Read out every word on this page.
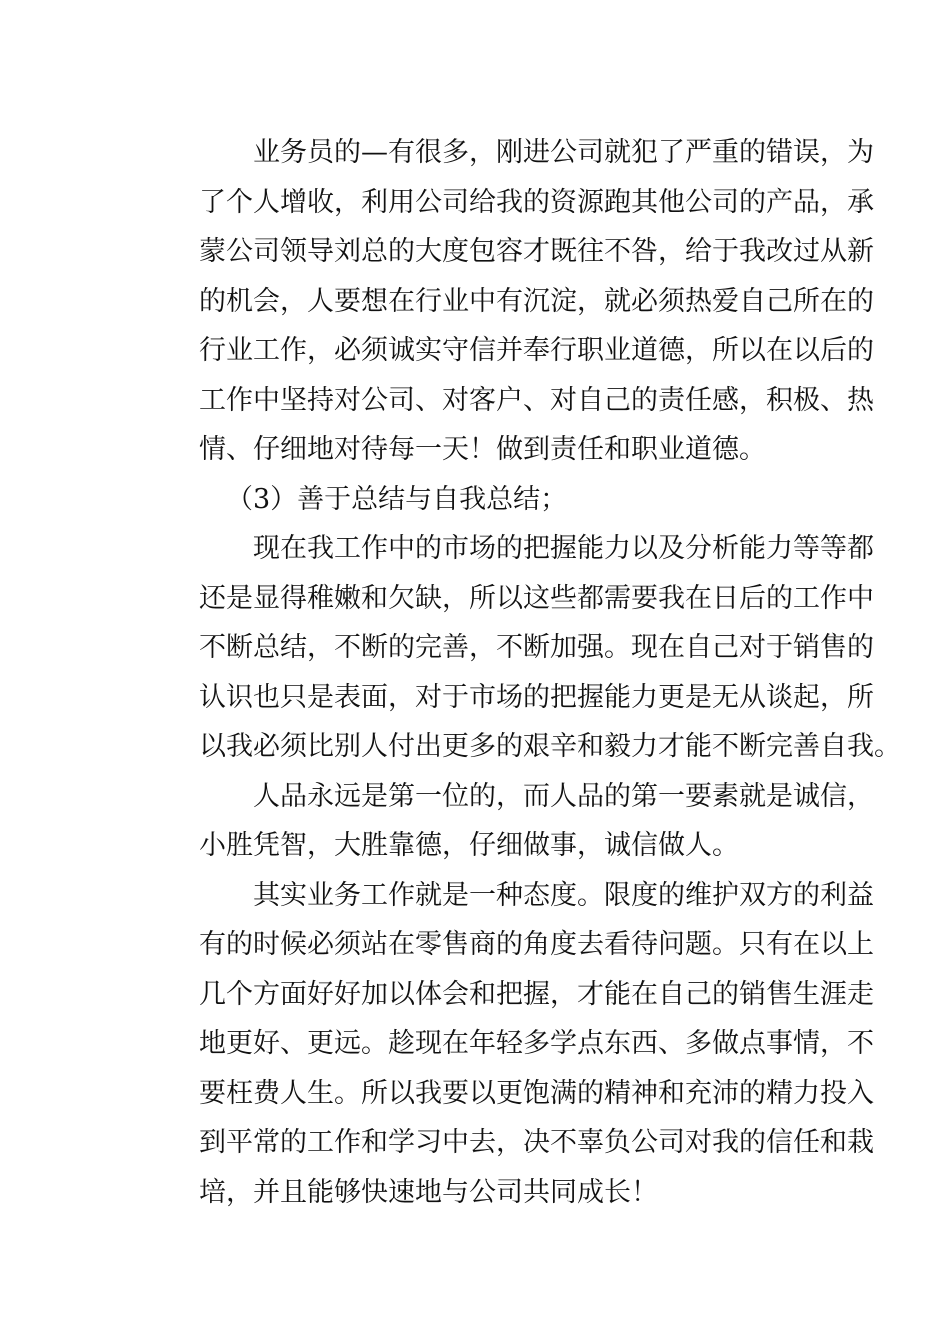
业务员的—有很多，刚进公司就犯了严重的错误，为
了个人增收，利用公司给我的资源跑其他公司的产品，承
蒙公司领导刘总的大度包容才既往不咎，给于我改过从新
的机会，人要想在行业中有沉淀，就必须热爱自己所在的
行业工作，必须诚实守信并奉行职业道德，所以在以后的
工作中坚持对公司、对客户、对自己的责任感，积极、热
情、仔细地对待每一天！做到责任和职业道德。
（3）善于总结与自我总结；
现在我工作中的市场的把握能力以及分析能力等等都
还是显得稚嫩和欠缺，所以这些都需要我在日后的工作中
不断总结，不断的完善，不断加强。现在自己对于销售的
认识也只是表面，对于市场的把握能力更是无从谈起，所
以我必须比别人付出更多的艰辛和毅力才能不断完善自我。
人品永远是第一位的，而人品的第一要素就是诚信，
小胜凭智，大胜靠德，仔细做事，诚信做人。
其实业务工作就是一种态度。限度的维护双方的利益
有的时候必须站在零售商的角度去看待问题。只有在以上
几个方面好好加以体会和把握，才能在自己的销售生涯走
地更好、更远。趁现在年轻多学点东西、多做点事情，不
要枉费人生。所以我要以更饱满的精神和充沛的精力投入
到平常的工作和学习中去，决不辜负公司对我的信任和栽
培，并且能够快速地与公司共同成长！
